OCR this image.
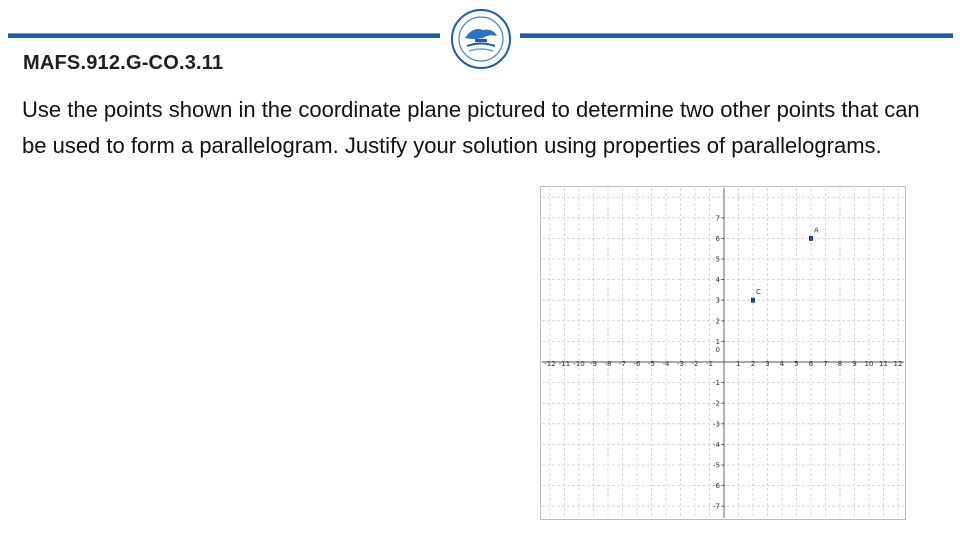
MAFS.912.G-CO.3.11

Use the points shown in the coordinate plane pictured to determine two other points that can be used to form a parallelogram. Justify your solution using properties of parallelograms.

-12 -11 -10 -9 -8 -7 -6 -5 -4 -3 -2 -1	1 2 3 4 5 6 7 8 9 10 11 12
7
6
5
4
3
2
1
-1
-2
-3
-4
-5
-6
-7
0
A
C
